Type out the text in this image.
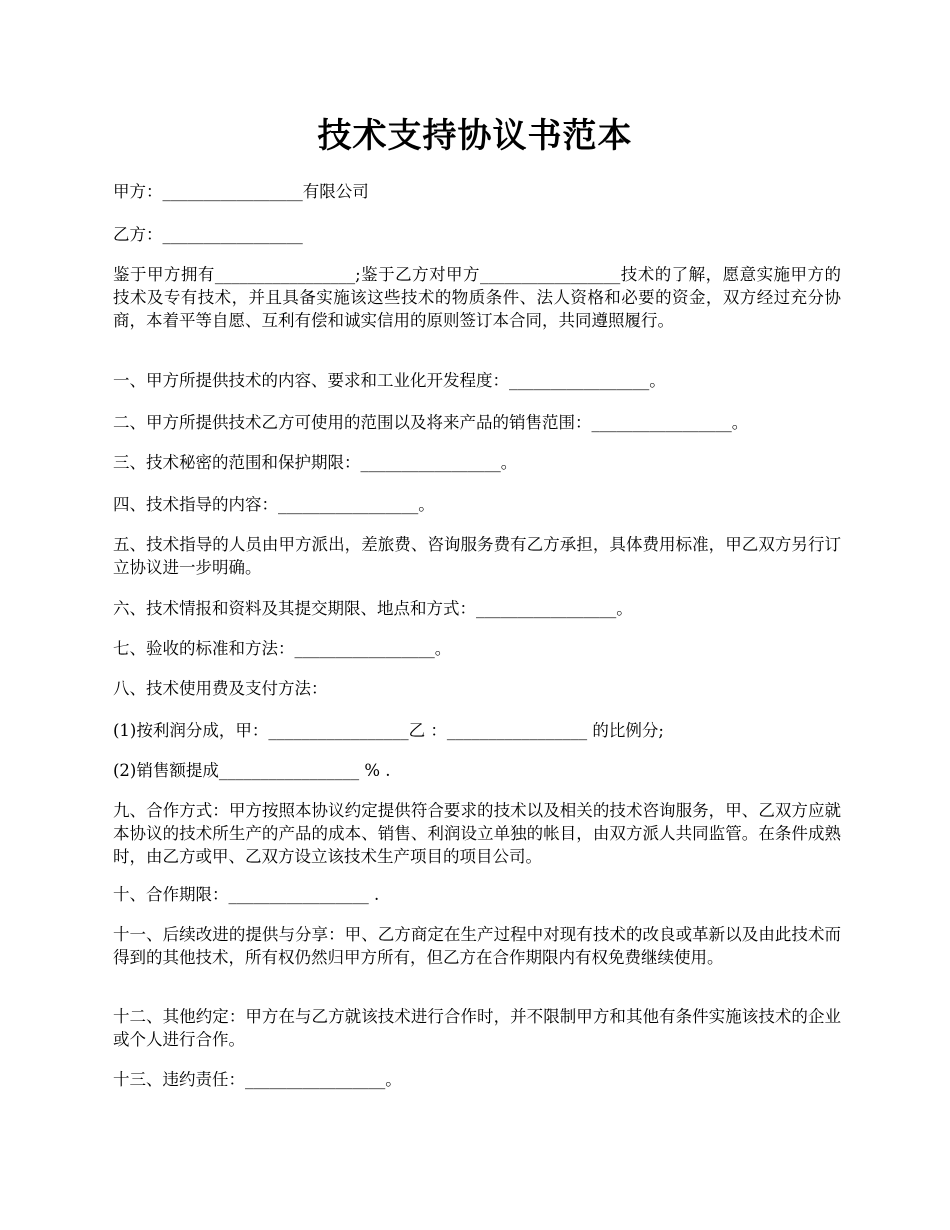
技术支持协议书范本

甲方：_________________有限公司

乙方：_________________

鉴于甲方拥有_________________;鉴于乙方对甲方_________________技术的了解，愿意实施甲方的技术及专有技术，并且具备实施该这些技术的物质条件、法人资格和必要的资金，双方经过充分协商，本着平等自愿、互利有偿和诚实信用的原则签订本合同，共同遵照履行。

一、甲方所提供技术的内容、要求和工业化开发程度：_________________。

二、甲方所提供技术乙方可使用的范围以及将来产品的销售范围：_________________。

三、技术秘密的范围和保护期限：_________________。

四、技术指导的内容：_________________。

五、技术指导的人员由甲方派出，差旅费、咨询服务费有乙方承担，具体费用标准，甲乙双方另行订立协议进一步明确。

六、技术情报和资料及其提交期限、地点和方式：_________________。

七、验收的标准和方法：_________________。

八、技术使用费及支付方法：

(1)按利润分成，甲：_________________乙 ：_________________ 的比例分;

(2)销售额提成_________________ % .

九、合作方式：甲方按照本协议约定提供符合要求的技术以及相关的技术咨询服务，甲、乙双方应就本协议的技术所生产的产品的成本、销售、利润设立单独的帐目，由双方派人共同监管。在条件成熟时，由乙方或甲、乙双方设立该技术生产项目的项目公司。

十、合作期限：_________________ .

十一、后续改进的提供与分享：甲、乙方商定在生产过程中对现有技术的改良或革新以及由此技术而得到的其他技术，所有权仍然归甲方所有，但乙方在合作期限内有权免费继续使用。

十二、其他约定：甲方在与乙方就该技术进行合作时，并不限制甲方和其他有条件实施该技术的企业或个人进行合作。

十三、违约责任：_________________。
